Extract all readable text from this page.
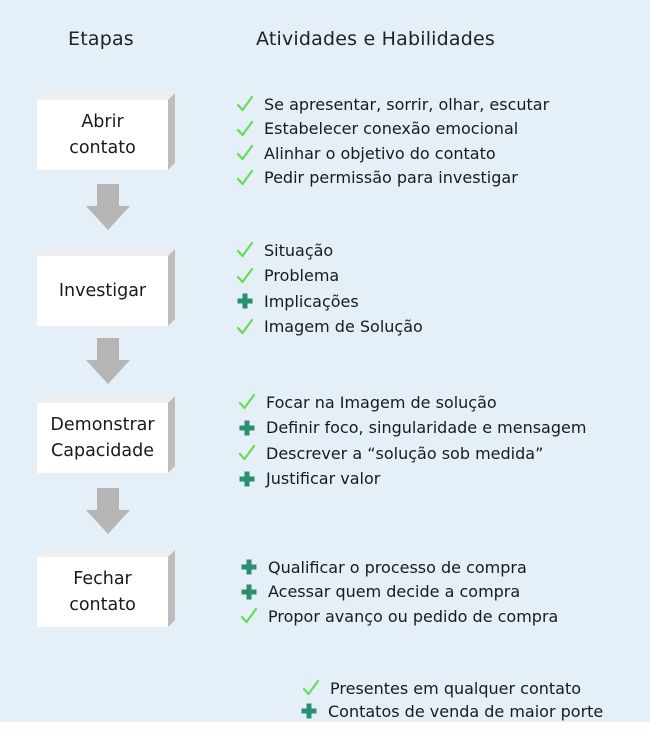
Etapas	Atividades e Habilidades
Abrir
contato
Investigar
Demonstrar
Capacidade
Fechar
contato
Se apresentar, sorrir, olhar, escutar
Estabelecer conexão emocional
Alinhar o objetivo do contato
Pedir permissão para investigar
Situação
Problema
Implicações
Imagem de Solução
Focar na Imagem de solução
Definir foco, singularidade e mensagem
Descrever a “solução sob medida”
Justificar valor
Qualificar o processo de compra
Acessar quem decide a compra
Propor avanço ou pedido de compra
Presentes em qualquer contato
Contatos de venda de maior porte
